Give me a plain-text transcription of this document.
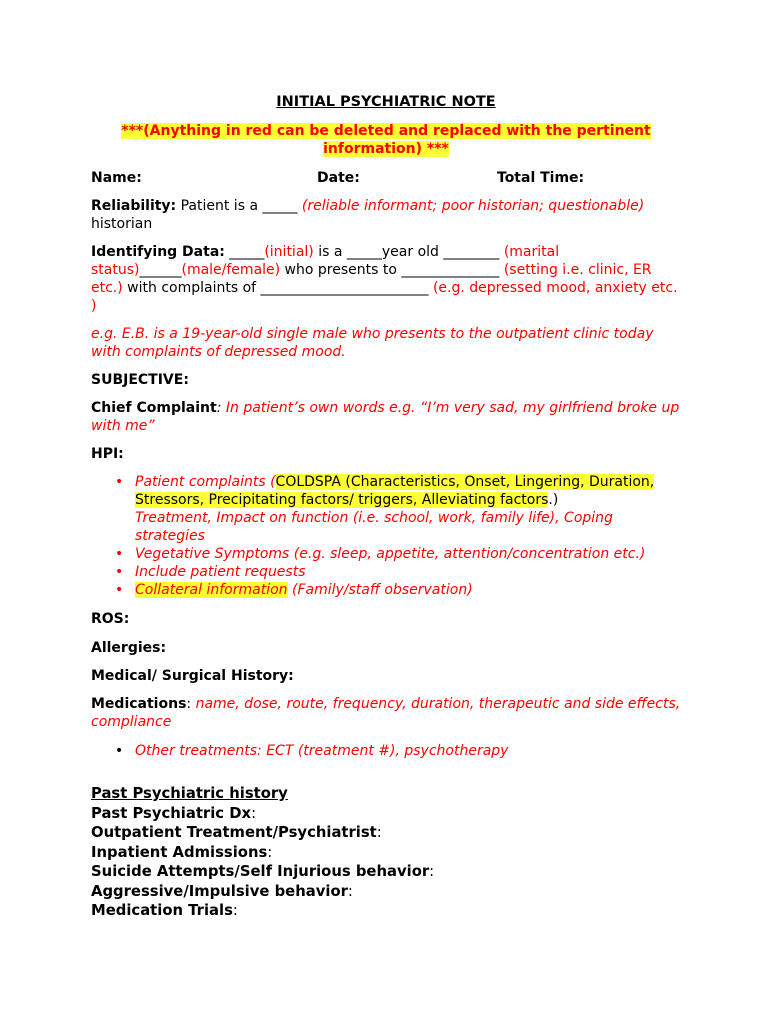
INITIAL PSYCHIATRIC NOTE

***(Anything in red can be deleted and replaced with the pertinent
information) ***

Name:	Date:	Total Time:

Reliability: Patient is a _____ (reliable informant; poor historian; questionable)
historian

Identifying Data: _____(initial) is a _____year old ________ (marital status)______(male/female) who presents to ______________ (setting i.e. clinic, ER etc.) with complaints of ________________________ (e.g. depressed mood, anxiety etc. )

e.g. E.B. is a 19-year-old single male who presents to the outpatient clinic today with complaints of depressed mood.

SUBJECTIVE:

Chief Complaint: In patient’s own words e.g. “I’m very sad, my girlfriend broke up with me”

HPI:

• Patient complaints (COLDSPA (Characteristics, Onset, Lingering, Duration, Stressors, Precipitating factors/ triggers, Alleviating factors.)
Treatment, Impact on function (i.e. school, work, family life), Coping strategies
• Vegetative Symptoms (e.g. sleep, appetite, attention/concentration etc.)
• Include patient requests
• Collateral information (Family/staff observation)

ROS:

Allergies:

Medical/ Surgical History:

Medications: name, dose, route, frequency, duration, therapeutic and side effects, compliance

• Other treatments: ECT (treatment #), psychotherapy
Past Psychiatric history
Past Psychiatric Dx:
Outpatient Treatment/Psychiatrist:
Inpatient Admissions:
Suicide Attempts/Self Injurious behavior:
Aggressive/Impulsive behavior:
Medication Trials:
